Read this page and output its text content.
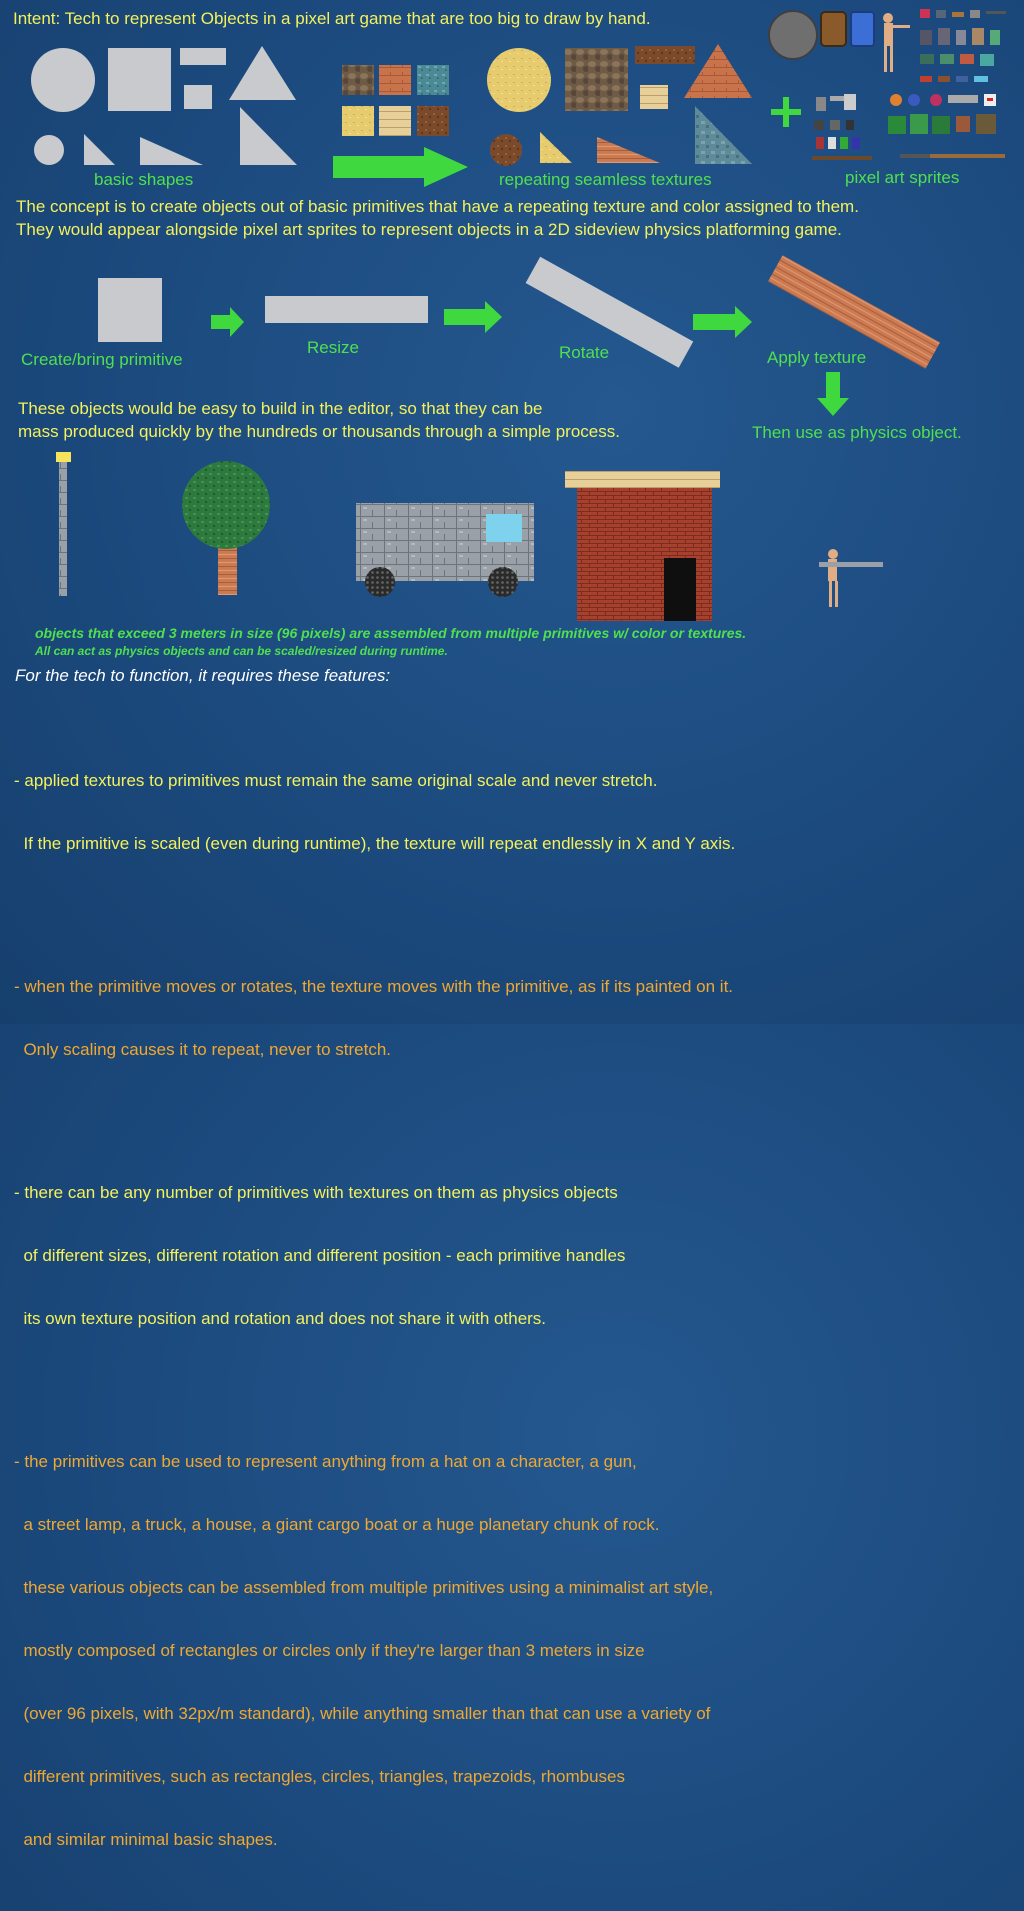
Intent: Tech to represent Objects in a pixel art game that are too big to draw by hand.
basic shapes	repeating seamless textures	pixel art sprites
The concept is to create objects out of basic primitives that have a repeating texture and color assigned to them.
They would appear alongside pixel art sprites to represent objects in a 2D sideview physics platforming game.
Create/bring primitive
Resize	Rotate	Apply texture
These objects would be easy to build in the editor, so that they can be
mass produced quickly by the hundreds or thousands through a simple process.	Then use as physics object.
objects that exceed 3 meters in size (96 pixels) are assembled from multiple primitives w/ color or textures.
All can act as physics objects and can be scaled/resized during runtime.
For the tech to function, it requires these features:

- applied textures to primitives must remain the same original scale and never stretch.

If the primitive is scaled (even during runtime), the texture will repeat endlessly in X and Y axis.

- when the primitive moves or rotates, the texture moves with the primitive, as if its painted on it.

Only scaling causes it to repeat, never to stretch.

- there can be any number of primitives with textures on them as physics objects

of different sizes, different rotation and different position - each primitive handles

its own texture position and rotation and does not share it with others.

- the primitives can be used to represent anything from a hat on a character, a gun,

a street lamp, a truck, a house, a giant cargo boat or a huge planetary chunk of rock.

these various objects can be assembled from multiple primitives using a minimalist art style,

mostly composed of rectangles or circles only if they're larger than 3 meters in size

(over 96 pixels, with 32px/m standard), while anything smaller than that can use a variety of

different primitives, such as rectangles, circles, triangles, trapezoids, rhombuses

and similar minimal basic shapes.
